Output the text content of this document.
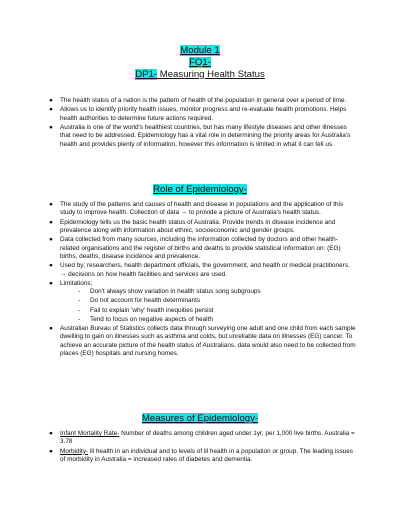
Module 1
FQ1-
DP1- Measuring Health Status
● The health status of a nation is the pattern of health of the population in general over a period of time.
● Allows us to identify priority health issues, monitor progress and re-evaluate health promotions. Helps health authorities to determine future actions required.
● Australia is one of the world's healthiest countries, but has many lifestyle diseases and other illnesses that need to be addressed. Epidemiology has a vital role in determining the priority areas for Australia's health and provides plenty of information, however this information is limited in what it can tell us.
Role of Epidemiology-
● The study of the patterns and causes of health and disease in populations and the application of this study to improve health. Collection of data → to provide a picture of Australia's health status.
● Epidemiology tells us the basic health status of Australia. Provide trends in disease incidence and prevalence along with information about ethnic, socioeconomic and gender groups.
● Data collected from many sources, including the information collected by doctors and other health-related organisations and the register of births and deaths to provide statistical information on: (EG) births, deaths, disease incidence and prevalence.
● Used by; researchers, health department officials, the government, and health or medical practitioners. → decisions on how health facilities and services are used.
● Limitations;
- Don't always show variation in health status song subgroups
- Do not account for health determinants
- Fail to explain 'why' health inequities persist
- Tend to focus on negative aspects of health
● Australian Bureau of Statistics collects data through surveying one adult and one child from each sample dwelling to gain on illnesses such as asthma and colds, but unreliable data on illnesses (EG) cancer. To achieve an accurate picture of the health status of Australians, data would also need to be collected from places (EG) hospitals and nursing homes.
Measures of Epidemiology-
● Infant Mortality Rate- Number of deaths among children aged under 1yr, per 1,000 live births. Australia = 3.78
● Morbidity- ill health in an individual and to levels of ill health in a population or group. The leading issues of morbidity in Australia = increased rates of diabetes and dementia.
